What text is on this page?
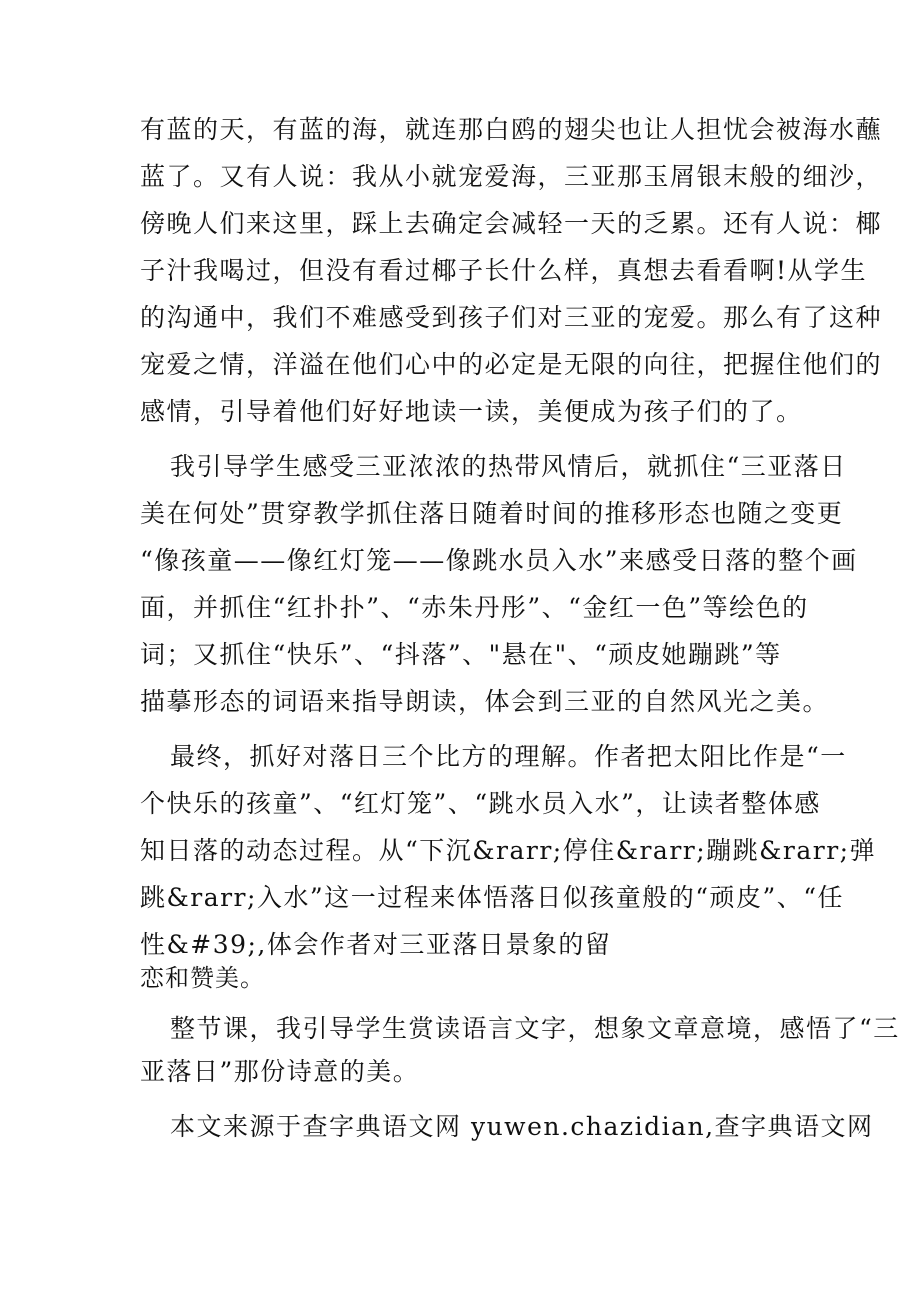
有蓝的天，有蓝的海，就连那白鸥的翅尖也让人担忧会被海水蘸
蓝了。又有人说：我从小就宠爱海，三亚那玉屑银末般的细沙，
傍晚人们来这里，踩上去确定会减轻一天的乏累。还有人说：椰
子汁我喝过，但没有看过椰子长什么样，真想去看看啊!从学生
的沟通中，我们不难感受到孩子们对三亚的宠爱。那么有了这种
宠爱之情，洋溢在他们心中的必定是无限的向往，把握住他们的
感情，引导着他们好好地读一读，美便成为孩子们的了。
我引导学生感受三亚浓浓的热带风情后，就抓住“三亚落日
美在何处”贯穿教学抓住落日随着时间的推移形态也随之变更
“像孩童——像红灯笼——像跳水员入水”来感受日落的整个画
面，并抓住“红扑扑”、“赤朱丹彤”、“金红一色”等绘色的
词；又抓住“快乐”、“抖落”、"悬在"、“顽皮她蹦跳”等
描摹形态的词语来指导朗读，体会到三亚的自然风光之美。
最终，抓好对落日三个比方的理解。作者把太阳比作是“一
个快乐的孩童”、“红灯笼”、“跳水员入水”，让读者整体感
知日落的动态过程。从“下沉&rarr;停住&rarr;蹦跳&rarr;弹
跳&rarr;入水”这一过程来体悟落日似孩童般的“顽皮”、“任
性&#39;,体会作者对三亚落日景象的留
恋和赞美。
整节课，我引导学生赏读语言文字，想象文章意境，感悟了“三
亚落日”那份诗意的美。
本文来源于查字典语文网 yuwen.chazidian,查字典语文网
